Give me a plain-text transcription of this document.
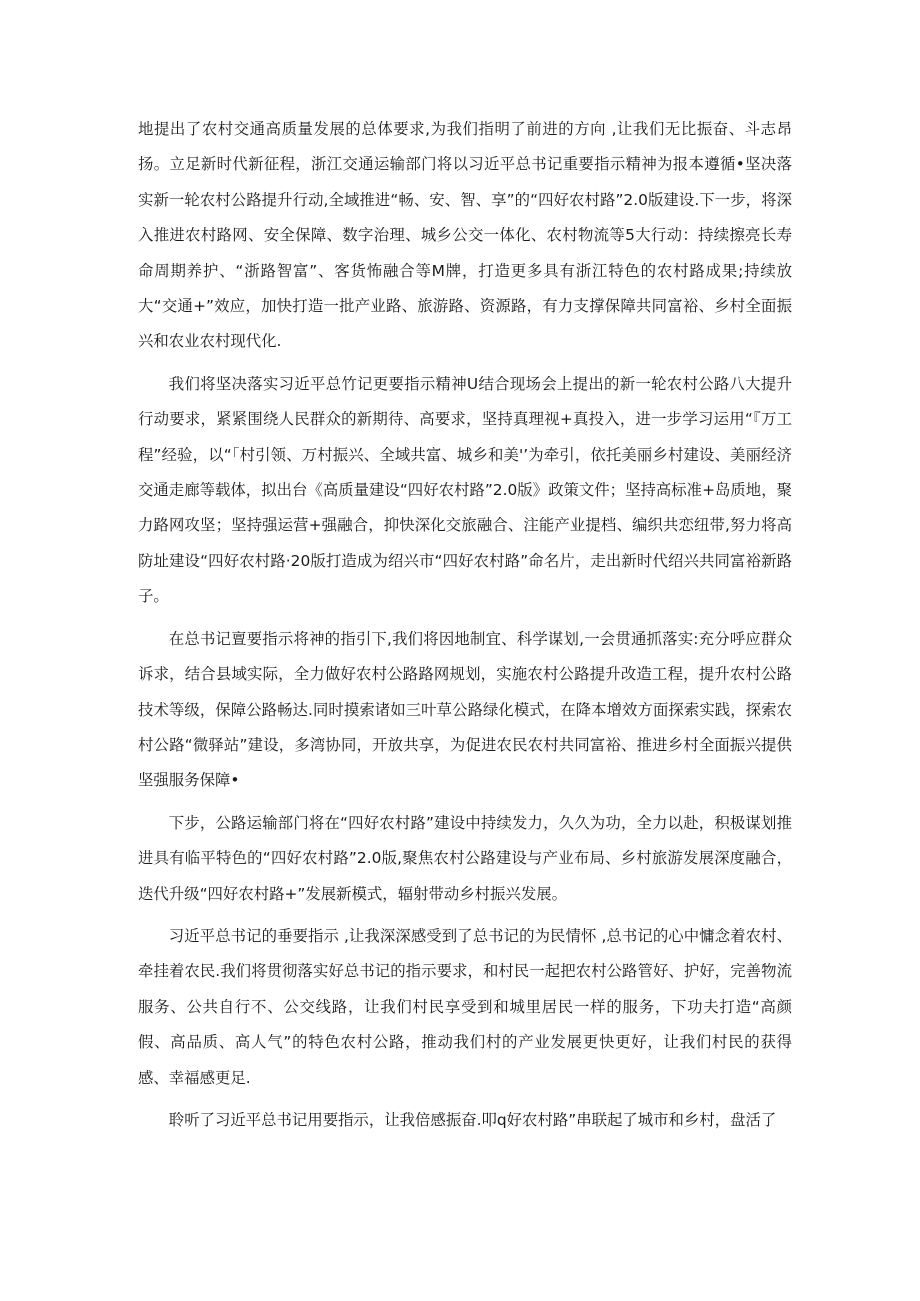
地提出了农村交通高质量发展的总体要求,为我们指明了前进的方向 ,让我们无比振奋、斗志昂扬。立足新时代新征程，浙江交通运输部门将以习近平总书记重要指示精神为报本遵循•坚决落实新一轮农村公路提升行动,全域推进“畅、安、智、享”的“四好农村路”2.0版建设.下一步，将深入推进农村路网、安全保障、数字治理、城乡公交一体化、农村物流等5大行动：持续擦亮长寿命周期养护、“浙路智富”、客货怖融合等M牌，打造更多具有浙江特色的农村路成果;持续放大“交通+”效应，加快打造一批产业路、旅游路、资源路，有力支撑保障共同富裕、乡村全面振兴和农业农村现代化.

我们将坚决落实习近平总竹记更要指示精神U结合现场会上提出的新一轮农村公路八大提升行动要求，紧紧围绕人民群众的新期待、高要求，坚持真理视+真投入，进一步学习运用“『万工程”经验，以“「村引领、万村振兴、全域共富、城乡和美'’为牵引，依托美丽乡村建设、美丽经济交通走廊等载体，拟出台《高质量建设“四好农村路”2.0版》政策文件；坚持高标准+岛质地，聚力路网攻坚；坚持强运营+强融合，抑快深化交旅融合、注能产业提档、编织共恋纽带,努力将高防址建设“四好农村路·20版打造成为绍兴市“四好农村路”命名片，走出新时代绍兴共同富裕新路子。

在总书记亶要指示将神的指引下,我们将因地制宜、科学谋划,一会贯通抓落实:充分呼应群众诉求，结合县域实际，全力做好农村公路路网规划，实施农村公路提升改造工程，提升农村公路技术等级，保障公路畅达.同时摸索诸如三叶草公路绿化模式，在降本增效方面探索实践，探索农村公路“微驿站”建设，多湾协同，开放共享，为促进农民农村共同富裕、推进乡村全面振兴提供坚强服务保障•

下步，公路运输部门将在“四好农村路”建设中持续发力，久久为功，全力以赴，积极谋划推进具有临平特色的“四好农村路”2.0版,聚焦农村公路建设与产业布局、乡村旅游发展深度融合，迭代升级“四好农村路+”发展新模式，辐射带动乡村振兴发展。

习近平总书记的垂要指示 ,让我深深感受到了总书记的为民情怀 ,总书记的心中慵念着农村、牵挂着农民.我们将贯彻落实好总书记的指示要求，和村民一起把农村公路管好、护好，完善物流服务、公共自行不、公交线路，让我们村民享受到和城里居民一样的服务，下功夫打造“高颜假、高品质、高人气”的特色农村公路，推动我们村的产业发展更快更好，让我们村民的获得感、幸福感更足.

聆听了习近平总书记用要指示，让我倍感振奋.叩q好农村路”串联起了城市和乡村，盘活了
